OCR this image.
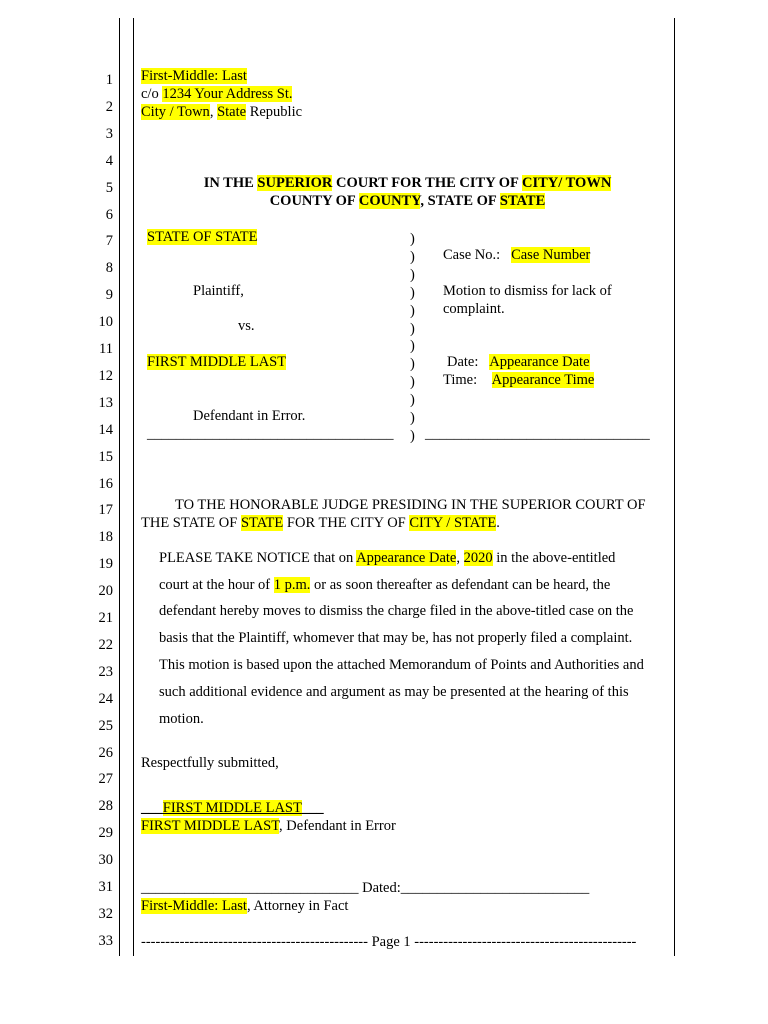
1
2
3
4
5
6
7
8
9
10
11
12
13
14
15
16
17
18
19
20
21
22
23
24
25
26
27
28
29
30
31
32
33
First-Middle: Last
c/o 1234 Your Address St.
City / Town, State Republic
IN THE SUPERIOR COURT FOR THE CITY OF CITY/ TOWN
COUNTY OF COUNTY, STATE OF STATE
STATE OF STATE
Plaintiff,
vs.
FIRST MIDDLE LAST
Defendant in Error.
__________________________________
)
)
)
)
)
)
)
)
)
)
)
)
Case No.: Case Number
Motion to dismiss for lack of
complaint.
Date: Appearance Date
Time: Appearance Time
_______________________________
TO THE HONORABLE JUDGE PRESIDING IN THE SUPERIOR COURT OF
THE STATE OF STATE FOR THE CITY OF CITY / STATE.
PLEASE TAKE NOTICE that on Appearance Date, 2020 in the above-entitled
court at the hour of 1 p.m. or as soon thereafter as defendant can be heard, the
defendant hereby moves to dismiss the charge filed in the above-titled case on the
basis that the Plaintiff, whomever that may be, has not properly filed a complaint.
This motion is based upon the attached Memorandum of Points and Authorities and
such additional evidence and argument as may be presented at the hearing of this
motion.
Respectfully submitted,
___FIRST MIDDLE LAST___
FIRST MIDDLE LAST, Defendant in Error
______________________________ Dated:__________________________
First-Middle: Last, Attorney in Fact
----------------------------------------------- Page 1 ----------------------------------------------
